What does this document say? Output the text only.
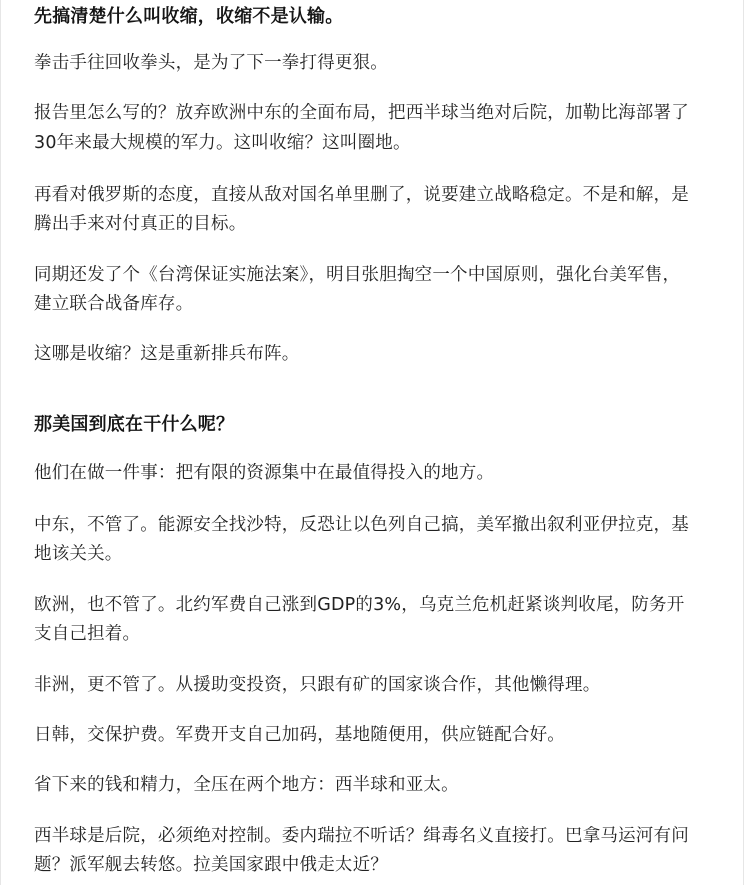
先搞清楚什么叫收缩，收缩不是认输。
拳击手往回收拳头，是为了下一拳打得更狠。
报告里怎么写的？放弃欧洲中东的全面布局，把西半球当绝对后院，加勒比海部署了
30年来最大规模的军力。这叫收缩？这叫圈地。
再看对俄罗斯的态度，直接从敌对国名单里删了，说要建立战略稳定。不是和解，是
腾出手来对付真正的目标。
同期还发了个《台湾保证实施法案》，明目张胆掏空一个中国原则，强化台美军售，
建立联合战备库存。
这哪是收缩？这是重新排兵布阵。
那美国到底在干什么呢？
他们在做一件事：把有限的资源集中在最值得投入的地方。
中东，不管了。能源安全找沙特，反恐让以色列自己搞，美军撤出叙利亚伊拉克，基
地该关关。
欧洲，也不管了。北约军费自己涨到GDP的3%，乌克兰危机赶紧谈判收尾，防务开
支自己担着。
非洲，更不管了。从援助变投资，只跟有矿的国家谈合作，其他懒得理。
日韩，交保护费。军费开支自己加码，基地随便用，供应链配合好。
省下来的钱和精力，全压在两个地方：西半球和亚太。
西半球是后院，必须绝对控制。委内瑞拉不听话？缉毒名义直接打。巴拿马运河有问
题？派军舰去转悠。拉美国家跟中俄走太近？
